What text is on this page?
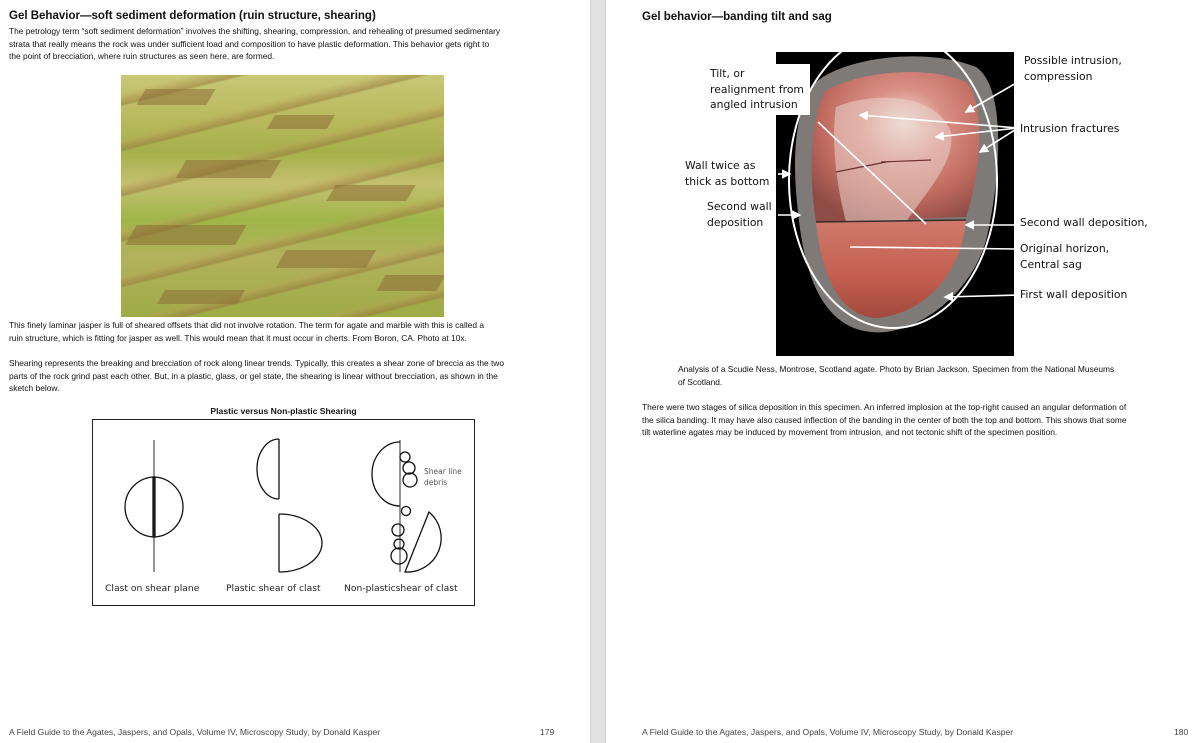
Gel Behavior—soft sediment deformation (ruin structure, shearing)
The petrology term “soft sediment deformation” involves the shifting, shearing, compression, and rehealing of presumed sedimentary
strata that really means the rock was under sufficient load and composition to have plastic deformation. This behavior gets right to
the point of brecciation, where ruin structures as seen here, are formed.
This finely laminar jasper is full of sheared offsets that did not involve rotation. The term for agate and marble with this is called a
ruin structure, which is fitting for jasper as well. This would mean that it must occur in cherts. From Boron, CA. Photo at 10x.
Shearing represents the breaking and brecciation of rock along linear trends. Typically, this creates a shear zone of breccia as the two
parts of the rock grind past each other. But, in a plastic, glass, or gel state, the shearing is linear without brecciation, as shown in the
sketch below.
Plastic versus Non-plastic Shearing
Clast on shear plane	Plastic shear of clast	Non-plasticshear of clast
Shear line
debris
A Field Guide to the Agates, Jaspers, and Opals, Volume IV, Microscopy Study, by Donald Kasper	179
Gel behavior—banding tilt and sag
Analysis of a Scudie Ness, Montrose, Scotland agate. Photo by Brian Jackson. Specimen from the National Museums
of Scotland.
There were two stages of silica deposition in this specimen. An inferred implosion at the top-right caused an angular deformation of
the silica banding. It may have also caused inflection of the banding in the center of both the top and bottom. This shows that some
tilt waterline agates may be induced by movement from intrusion, and not tectonic shift of the specimen position.
A Field Guide to the Agates, Jaspers, and Opals, Volume IV, Microscopy Study, by Donald Kasper	180
Tilt, or
realignment from
angled intrusion
Wall twice as
thick as bottom
Second wall
deposition
Possible intrusion,
compression
Intrusion fractures
Second wall deposition,
Original horizon,
Central sag
First wall deposition
